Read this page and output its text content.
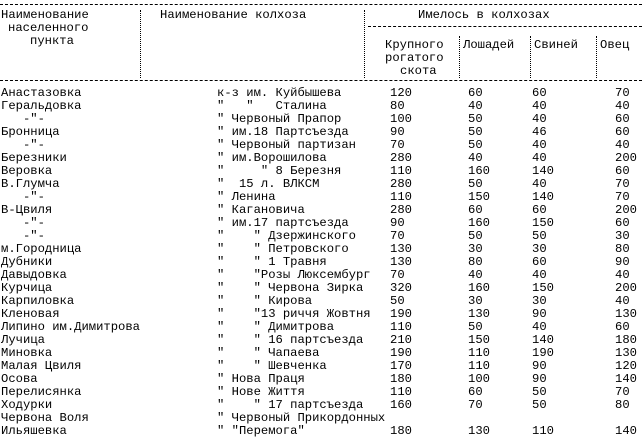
Наименование
населенного
пункта
Наименование колхоза	Имелось в колхозах
Крупного
рогатого
скота
Лошадей Свиней Овец
Анастазовка	к-з им. Куйбышева	120	60	60	70
Геральдовка	"   "   Сталина	80	40	40	40
-"-	" Червоный Прапор	100	50	40	60
Бронница	" им.18 Партсъезда	90	50	46	60
-"-	" Червоный партизан	70	50	40	40
Березники	" им.Ворошилова	280	40	40	200
Веровка	"     " 8 Березня	110	160	140	60
В.Глумча	"  15 л. ВЛКСМ	280	50	40	70
-"-	" Ленина	110	150	140	70
В-Цвиля	" Кагановича	280	60	60	200
-"-	" им.17 партсъезда	90	160	150	60
-"-	"    " Дзержинского	70	50	50	30
м.Городница	"    " Петровского	130	30	30	80
Дубники	"    " 1 Травня	130	80	60	90
Давыдовка	"    "Розы Люксембург 70	40	40	40
Курчица	"    " Червона Зирка 320	160	150	200
Карпиловка	"    " Кирова	50	30	30	40
Кленовая	"    "13 риччя Жовтня 190	130	90	130
Липино им.Димитрова	"    " Димитрова	110	50	40	60
Лучица	"    " 16 партсъезда 210	150	140	180
Миновка	"    " Чапаева	190	110	190	130
Малая Цвиля	"    " Шевченка	170	110	90	120
Осова	" Нова Праця	180	100	90	140
Перелисянка	" Нове Життя	110	60	50	70
Ходурки	"    " 17 партсъезда 160	70	50	80
Червона Воля	" Червоный Прикордонных
Ильяшевка	" "Перемога"	180	130	110	140
